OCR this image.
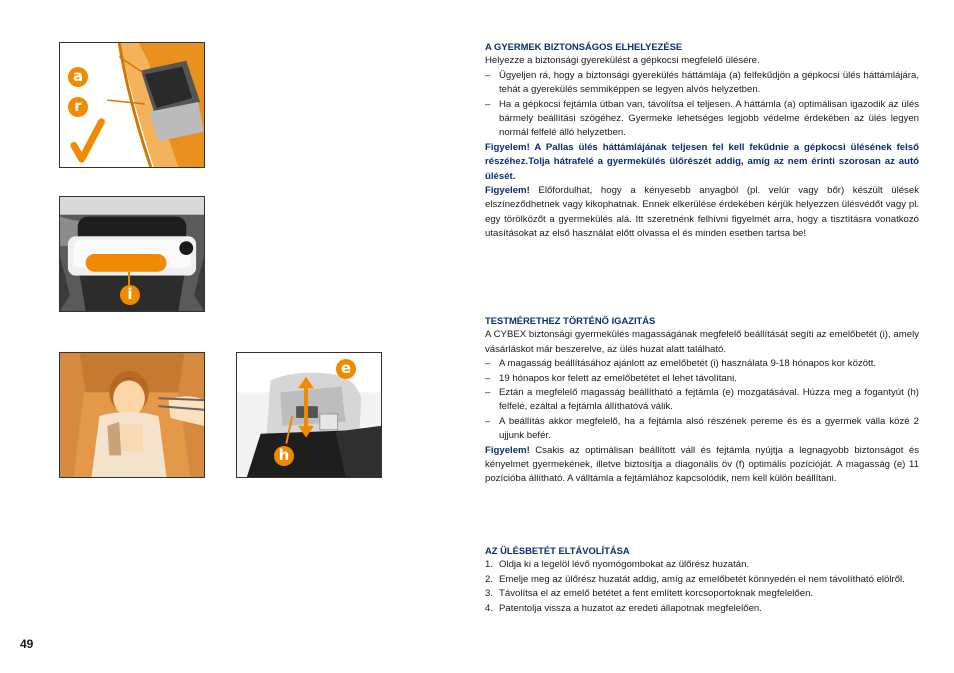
a
r
i
e
h

A GYERMEK BIZTONSÁGOS ELHELYEZÉSE

Helyezze a biztonsági gyerekülést a gépkocsi megfelelő ülésére.

– Ügyeljen rá, hogy a biztonsági gyerekülés háttámlája (a) felfekűdjön a gépkocsi ülés háttámlájára, tehát a gyerekülés semmiképpen se legyen alvós helyzetben.
– Ha a gépkocsi fejtámla útban van, távolítsa el teljesen. A háttámla (a) optimálisan igazodik az ülés bármely beállítási szögéhez. Gyermeke lehetséges legjobb védelme érdekében az ülés legyen normál felfelé álló helyzetben.

Figyelem! A Pallas ülés háttámlájának teljesen fel kell fekűdnie a gépkocsi ülésének felső részéhez.Tolja hátrafelé a gyermekülés ülőrészét addig, amíg az nem érinti szorosan az autó ülését.

Figyelem! Előfordulhat, hogy a kényesebb anyagból (pl. velúr vagy bőr) készült ülések elszíneződhetnek vagy kikophatnak. Ennek elkerülése érdekében kérjük helyezzen ülésvédőt vagy pl. egy törölközőt a gyermekülés alá. Itt szeretnénk felhívni figyelmét arra, hogy a tisztításra vonatkozó utasításokat az első használat előtt olvassa el és minden esetben tartsa be!

TESTMÉRETHEZ TÖRTÉNŐ IGAZITÁS

A CYBEX biztonsági gyermekülés magasságának megfelelő beállítását segíti az emelőbetét (i), amely vásárláskot már beszerelve, az ülés huzat alatt található.

– A magasság beállításához ajánlott az emelőbetét (i) használata 9-18 hónapos kor között.
– 19 hónapos kor felett az emelőbetétet el lehet távolítani.
– Eztán a megfelelő magasság beállítható a fejtámla (e) mozgatásával. Húzza meg a fogantyút (h) felfelé, ezáltal a fejtámla állíthatóvá válik.
– A beállítás akkor megfelelő, ha a fejtámla alsó részének pereme és és a gyermek válla közé 2 ujjunk befér.

Figyelem! Csakis az optimálisan beállított váll és fejtámla nyújtja a legnagyobb biztonságot és kényelmet gyermekének, illetve biztosítja a diagonális öv (f) optimális pozícióját. A magasság (e) 11 pozícióba állítható. A válltámla a fejtámlához kapcsolódik, nem kell külön beállítani.

AZ ÜLÉSBETÉT ELTÁVOLÍTÁSA

1. Oldja ki a legelöl lévő nyomógombokat az ülőrész huzatán.
2. Emelje meg az ülőrész huzatát addig, amíg az emelőbetét könnyedén el nem távolítható elölről.
3. Távolítsa el az emelő betétet a fent említett korcsoportoknak megfelelően.
4. Patentolja vissza a huzatot az eredeti állapotnak megfelelően.
49
